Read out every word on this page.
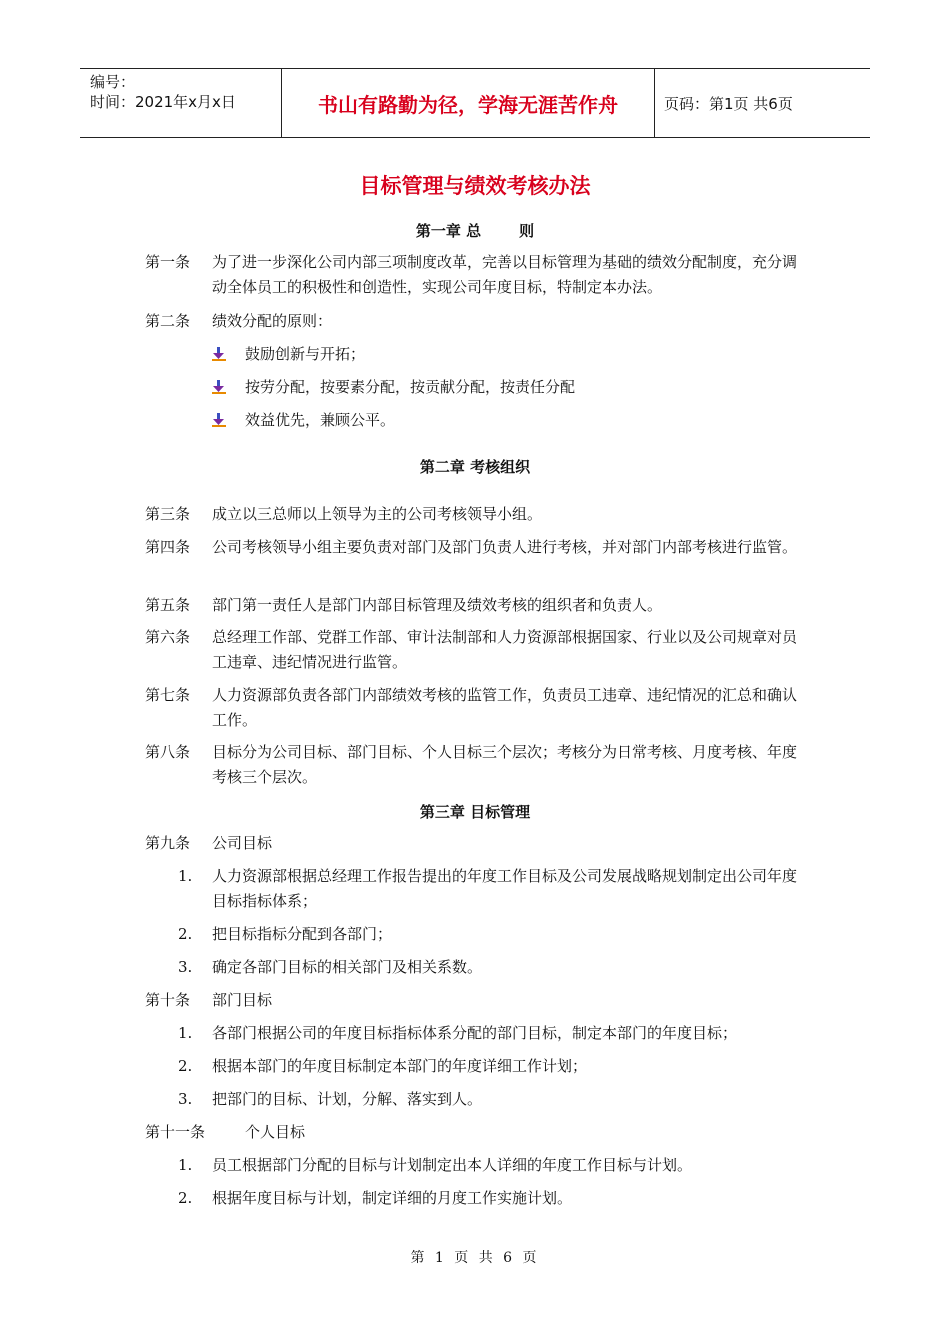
编号：
时间：2021年x月x日	书山有路勤为径，学海无涯苦作舟	页码：第1页 共6页
目标管理与绩效考核办法
第一章 总	则
第一条 为了进一步深化公司内部三项制度改革，完善以目标管理为基础的绩效分配制度，充分调动全体员工的积极性和创造性，实现公司年度目标，特制定本办法。
第二条 绩效分配的原则：
鼓励创新与开拓；
按劳分配，按要素分配，按贡献分配，按责任分配
效益优先，兼顾公平。
第二章 考核组织
第三条 成立以三总师以上领导为主的公司考核领导小组。
第四条 公司考核领导小组主要负责对部门及部门负责人进行考核，并对部门内部考核进行监管。
第五条 部门第一责任人是部门内部目标管理及绩效考核的组织者和负责人。
第六条 总经理工作部、党群工作部、审计法制部和人力资源部根据国家、行业以及公司规章对员工违章、违纪情况进行监管。
第七条 人力资源部负责各部门内部绩效考核的监管工作，负责员工违章、违纪情况的汇总和确认工作。
第八条 目标分为公司目标、部门目标、个人目标三个层次；考核分为日常考核、月度考核、年度考核三个层次。
第三章 目标管理
第九条 公司目标
1. 人力资源部根据总经理工作报告提出的年度工作目标及公司发展战略规划制定出公司年度目标指标体系；
2. 把目标指标分配到各部门；
3. 确定各部门目标的相关部门及相关系数。
第十条 部门目标
1. 各部门根据公司的年度目标指标体系分配的部门目标，制定本部门的年度目标；
2. 根据本部门的年度目标制定本部门的年度详细工作计划；
3. 把部门的目标、计划，分解、落实到人。
第十一条	个人目标
1. 员工根据部门分配的目标与计划制定出本人详细的年度工作目标与计划。
2. 根据年度目标与计划，制定详细的月度工作实施计划。
第 1 页 共 6 页
